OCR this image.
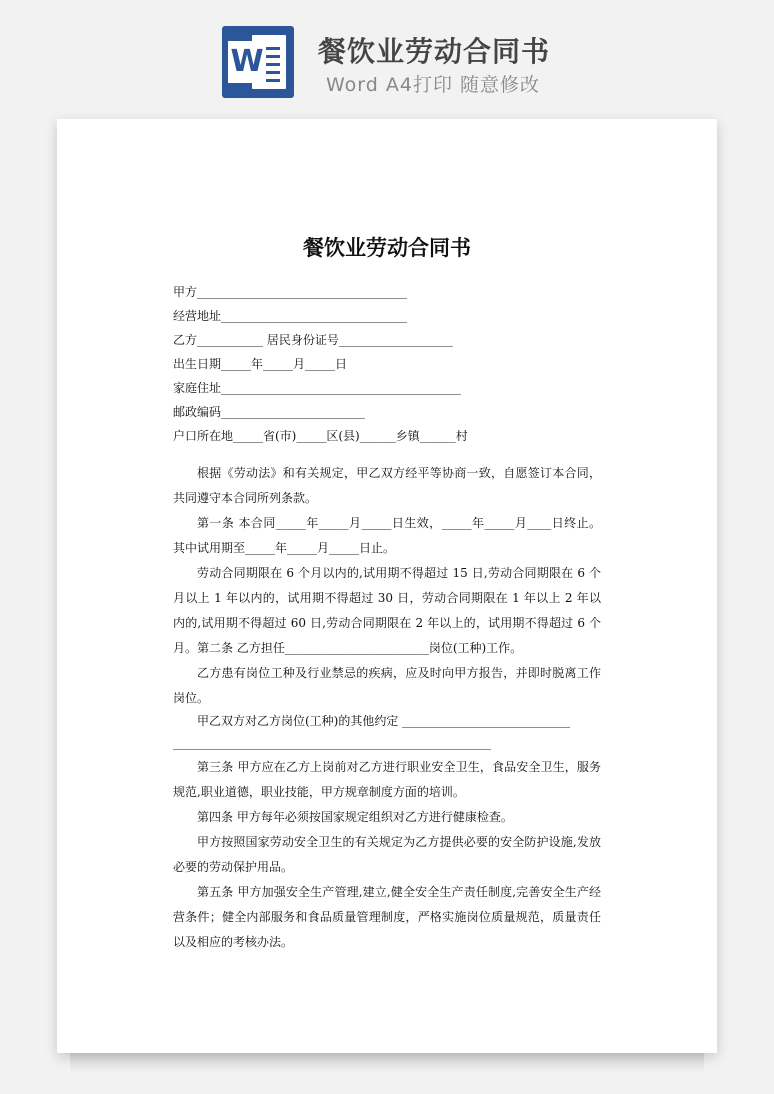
W 餐饮业劳动合同书
Word A4打印 随意修改
餐饮业劳动合同书
甲方___________________________________
经营地址_______________________________
乙方___________ 居民身份证号___________________
出生日期_____年_____月_____日
家庭住址________________________________________
邮政编码________________________
户口所在地_____省(市)_____区(县)______乡镇______村
根据《劳动法》和有关规定，甲乙双方经平等协商一致，自愿签订本合同，共同遵守本合同所列条款。
第一条 本合同_____年_____月_____日生效，_____年_____月____日终止。其中试用期至_____年_____月_____日止。
劳动合同期限在 6 个月以内的,试用期不得超过 15 日,劳动合同期限在 6 个月以上 1 年以内的，试用期不得超过 30 日，劳动合同期限在 1 年以上 2 年以内的,试用期不得超过 60 日,劳动合同期限在 2 年以上的，试用期不得超过 6 个月。 第二条 乙方担任________________________岗位(工种)工作。
乙方患有岗位工种及行业禁忌的疾病，应及时向甲方报告，并即时脱离工作岗位。
甲乙双方对乙方岗位(工种)的其他约定 ____________________________
_____________________________________________________
第三条 甲方应在乙方上岗前对乙方进行职业安全卫生，食品安全卫生，服务规范,职业道德，职业技能，甲方规章制度方面的培训。
第四条 甲方每年必须按国家规定组织对乙方进行健康检查。
甲方按照国家劳动安全卫生的有关规定为乙方提供必要的安全防护设施,发放必要的劳动保护用品。
第五条 甲方加强安全生产管理,建立,健全安全生产责任制度,完善安全生产经营条件；健全内部服务和食品质量管理制度，严格实施岗位质量规范，质量责任以及相应的考核办法。
